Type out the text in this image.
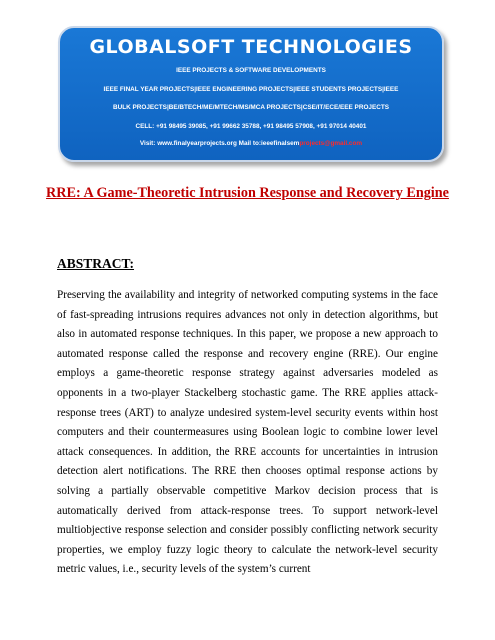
GLOBALSOFT TECHNOLOGIES
IEEE PROJECTS & SOFTWARE DEVELOPMENTS
IEEE FINAL YEAR PROJECTS|IEEE ENGINEERING PROJECTS|IEEE STUDENTS PROJECTS|IEEE
BULK PROJECTS|BE/BTECH/ME/MTECH/MS/MCA PROJECTS|CSE/IT/ECE/EEE PROJECTS
CELL: +91 98495 39085, +91 99662 35788, +91 98495 57908, +91 97014 40401
Visit: www.finalyearprojects.org Mail to:ieeefinalsemprojects@gmail.com
RRE: A Game-Theoretic Intrusion Response and Recovery Engine
ABSTRACT:
Preserving the availability and integrity of networked computing systems in the face of fast-spreading intrusions requires advances not only in detection algorithms, but also in automated response techniques. In this paper, we propose a new approach to automated response called the response and recovery engine (RRE). Our engine employs a game-theoretic response strategy against adversaries modeled as opponents in a two-player Stackelberg stochastic game. The RRE applies attack-response trees (ART) to analyze undesired system-level security events within host computers and their countermeasures using Boolean logic to combine lower level attack consequences. In addition, the RRE accounts for uncertainties in intrusion detection alert notifications. The RRE then chooses optimal response actions by solving a partially observable competitive Markov decision process that is automatically derived from attack-response trees. To support network-level multiobjective response selection and consider possibly conflicting network security properties, we employ fuzzy logic theory to calculate the network-level security metric values, i.e., security levels of the system’s current
